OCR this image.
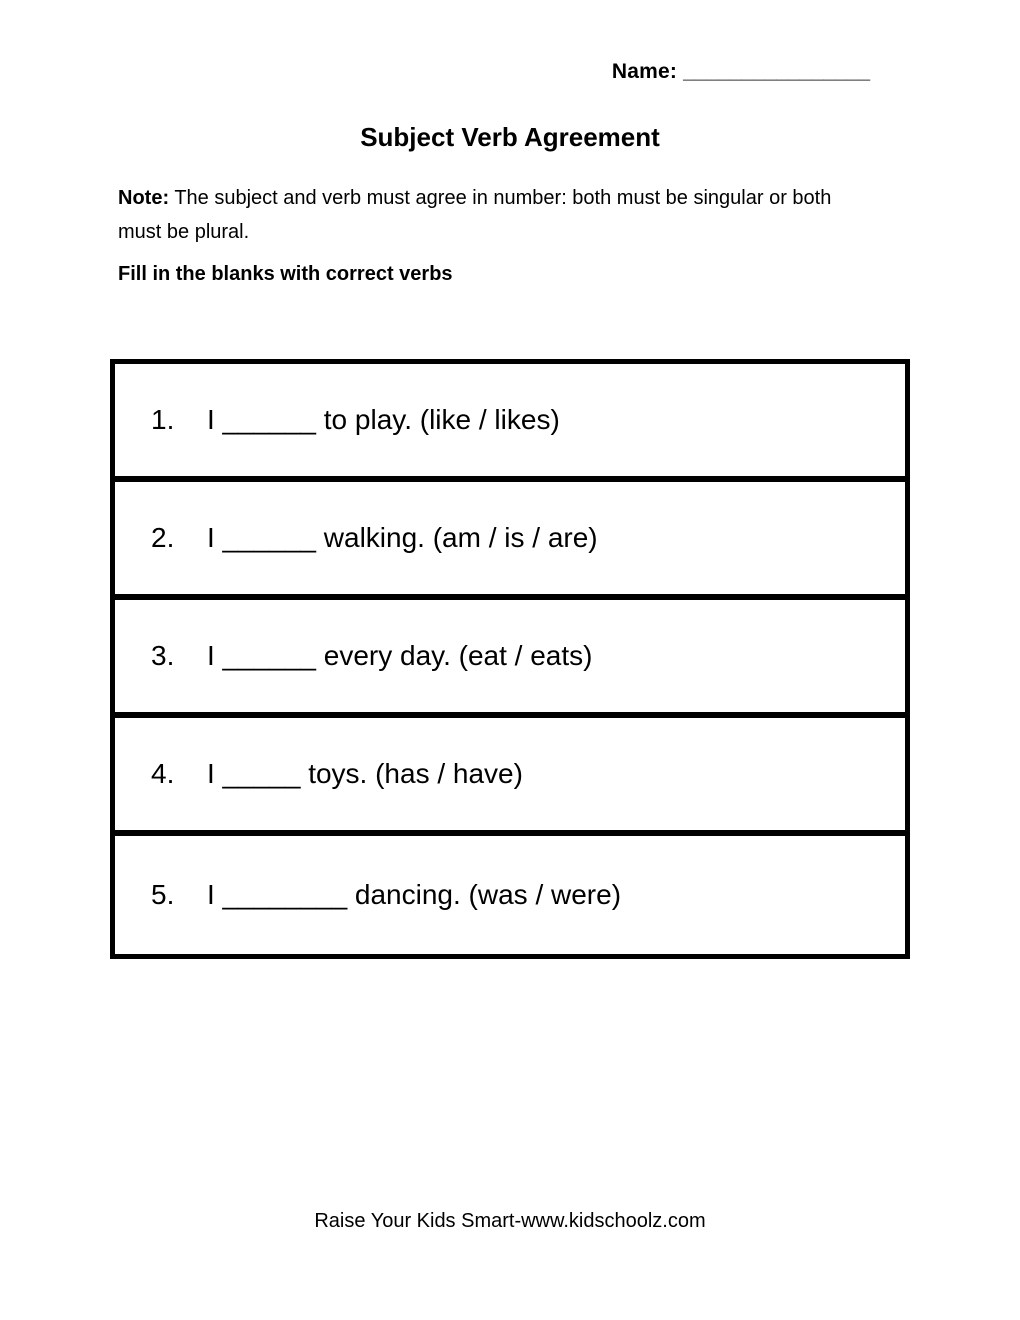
Name: ________________
Subject Verb Agreement
Note: The subject and verb must agree in number: both must be singular or both
must be plural.
Fill in the blanks with correct verbs
1. I ______ to play. (like / likes)
2. I ______ walking. (am / is / are)
3. I ______ every day. (eat / eats)
4. I _____ toys. (has / have)
5. I ________ dancing. (was / were)
Raise Your Kids Smart-www.kidschoolz.com
